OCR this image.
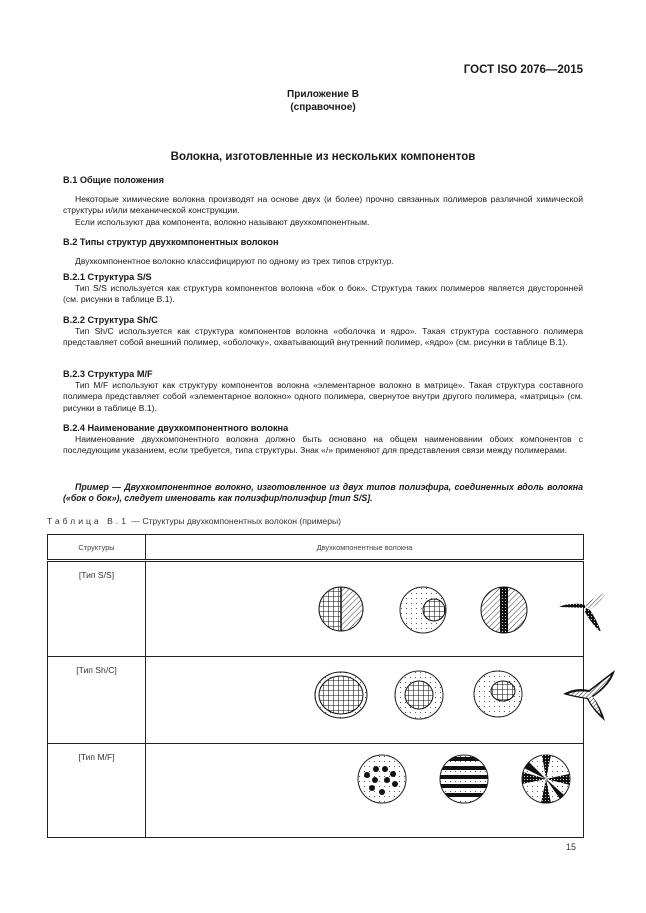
ГОСТ ISO 2076—2015
Приложение В
(справочное)
Волокна, изготовленные из нескольких компонентов

В.1 Общие положения

Некоторые химические волокна производят на основе двух (и более) прочно связанных полимеров различной химической структуры и/или механической конструкции.

Если используют два компонента, волокно называют двухкомпонентным.

В.2 Типы структур двухкомпонентных волокон

Двухкомпонентное волокно классифицируют по одному из трех типов структур.

В.2.1 Структура S/S

Тип S/S используется как структура компонентов волокна «бок о бок». Структура таких полимеров является двусторонней (см. рисунки в таблице В.1).

В.2.2 Структура Sh/C

Тип Sh/C используется как структура компонентов волокна «оболочка и ядро». Такая структура составного полимера представляет собой внешний полимер, «оболочку», охватывающий внутренний полимер, «ядро» (см. рисунки в таблице В.1).

В.2.3 Структура M/F

Тип M/F используют как структуру компонентов волокна «элементарное волокно в матрице». Такая структура составного полимера представляет собой «элементарное волокно» одного полимера, свернутое внутри другого полимера, «матрицы» (см. рисунки в таблице В.1).

В.2.4 Наименование двухкомпонентного волокна

Наименование двухкомпонентного волокна должно быть основано на общем наименовании обоих компонентов с последующим указанием, если требуется, типа структуры. Знак «/» применяют для представления связи между полимерами.

Пример — Двухкомпонентное волокно, изготовленное из двух типов полиэфира, соединенных вдоль волокна («бок о бок»), следует именовать как полиэфир/полиэфир [тип S/S].

Таблица В.1 — Структуры двухкомпонентных волокон (примеры)
Структуры	Двухкомпонентные волокна
[Тип S/S]	

[Тип Sh/C]	

[Тип M/F]	
15
